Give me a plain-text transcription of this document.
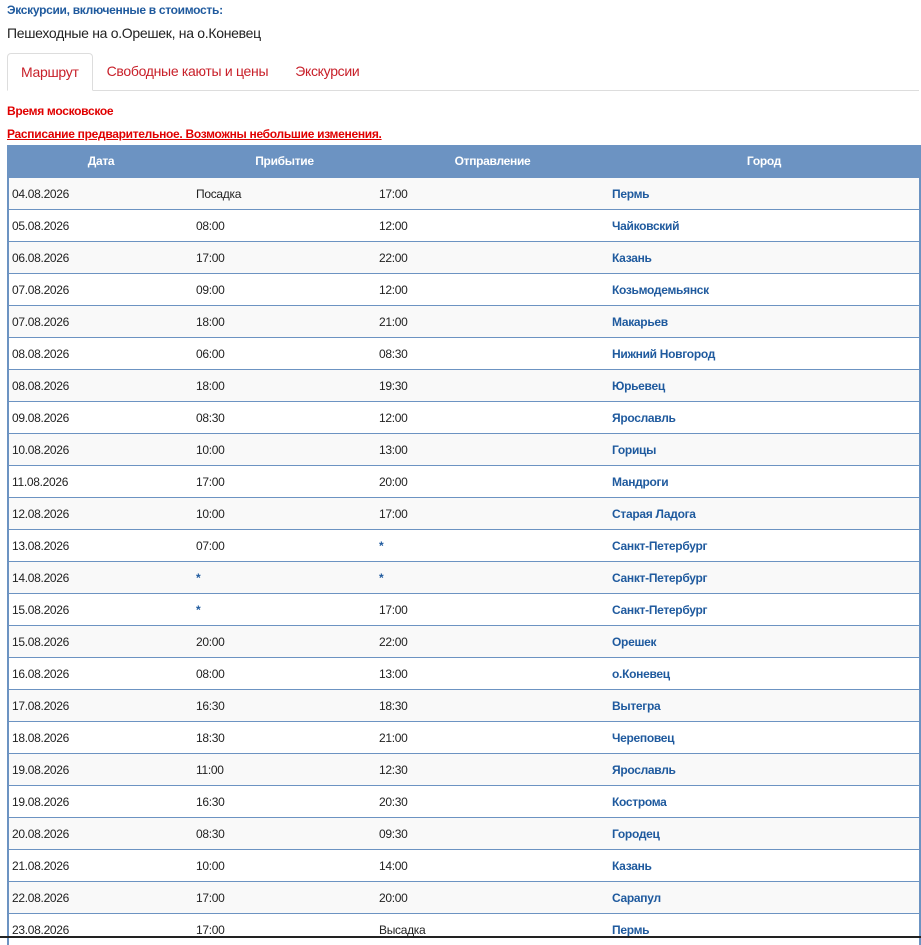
Экскурсии, включенные в стоимость:
Пешеходные на о.Орешек, на о.Коневец
Маршрут	Свободные каюты и цены	Экскурсии
Время московское
Расписание предварительное. Возможны небольшие изменения.
Дата	Прибытие	Отправление	Город
04.08.2026	Посадка	17:00	Пермь
05.08.2026	08:00	12:00	Чайковский
06.08.2026	17:00	22:00	Казань
07.08.2026	09:00	12:00	Козьмодемьянск
07.08.2026	18:00	21:00	Макарьев
08.08.2026	06:00	08:30	Нижний Новгород
08.08.2026	18:00	19:30	Юрьевец
09.08.2026	08:30	12:00	Ярославль
10.08.2026	10:00	13:00	Горицы
11.08.2026	17:00	20:00	Мандроги
12.08.2026	10:00	17:00	Старая Ладога
13.08.2026	07:00	*	Санкт-Петербург
14.08.2026	*	*	Санкт-Петербург
15.08.2026	*	17:00	Санкт-Петербург
15.08.2026	20:00	22:00	Орешек
16.08.2026	08:00	13:00	о.Коневец
17.08.2026	16:30	18:30	Вытегра
18.08.2026	18:30	21:00	Череповец
19.08.2026	11:00	12:30	Ярославль
19.08.2026	16:30	20:30	Кострома
20.08.2026	08:30	09:30	Городец
21.08.2026	10:00	14:00	Казань
22.08.2026	17:00	20:00	Сарапул
23.08.2026	17:00	Высадка	Пермь
